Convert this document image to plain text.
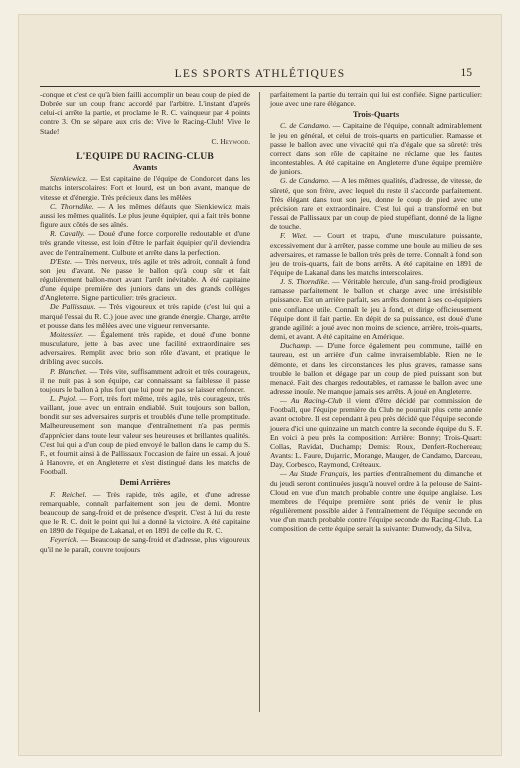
LES SPORTS ATHLÉTIQUES	15

-conque et c'est ce qu'à bien failli accomplir un beau coup de pied de Dobrée sur un coup franc accordé par l'arbitre. L'instant d'après celui-ci arrête la partie, et proclame le R. C. vainqueur par 4 points contre 3. On se sépare aux cris de: Vive le Racing-Club! Vive le Stade!

C. Heywood.
L'EQUIPE DU RACING-CLUB
Avants

Sienkiewicz. — Est capitaine de l'équipe de Condorcet dans les matchs interscolaires: Fort et lourd, est un bon avant, manque de vitesse et d'énergie. Très précieux dans les mêlées

C. Thorndike. — A les mêmes défauts que Sienkiewicz mais aussi les mêmes qualités. Le plus jeune équipier, qui a fait très bonne figure aux côtés de ses aînés.

R. Cavally. — Doué d'une force corporelle redoutable et d'une très grande vitesse, est loin d'être le parfait équipier qu'il deviendra avec de l'entraînement. Culbute et arrête dans la perfection.

D'Este. — Très nerveux, très agile et très adroit, connaît à fond son jeu d'avant. Ne passe le ballon qu'à coup sûr et fait régulièrement ballon-mort avant l'arrêt inévitable. A été capitaine d'une équipe première des juniors dans un des grands collèges d'Angleterre. Signe particulier: très gracieux.

De Pallissaux. — Très vigoureux et très rapide (c'est lui qui a marqué l'essai du R. C.) joue avec une grande énergie. Charge, arrête et pousse dans les mêlées avec une vigueur renversante.

Moitessier. — Également très rapide, et doué d'une bonne musculature, jette à bas avec une facilité extraordinaire ses adversaires. Remplit avec brio son rôle d'avant, et pratique le dribling avec succès.

P. Blanchet. — Très vite, suffisamment adroit et très courageux, il ne nuit pas à son équipe, car connaissant sa faiblesse il passe toujours le ballon à plus fort que lui pour ne pas se laisser enfoncer.

L. Pujol. — Fort, très fort même, très agile, très courageux, très vaillant, joue avec un entrain endiablé. Suit toujours son ballon, bondit sur ses adversaires surpris et troublés d'une telle promptitude. Malheureusement son manque d'entraînement n'a pas permis d'apprécier dans toute leur valeur ses heureuses et brillantes qualités. C'est lui qui a d'un coup de pied envoyé le ballon dans le camp du S. F., et fournit ainsi à de Pallissaux l'occasion de faire un essai. A joué à Hanovre, et en Angleterre et s'est distingué dans les matchs de Football.

Demi Arrières

F. Reichel. — Très rapide, très agile, et d'une adresse remarquable, connaît parfaitement son jeu de demi. Montre beaucoup de sang-froid et de présence d'esprit. C'est à lui du reste que le R. C. doit le point qui lui a donné la victoire. A été capitaine en 1890 de l'équipe de Lakanal, et en 1891 de celle du R. C.

Feyerick. — Beaucoup de sang-froid et d'adresse, plus vigoureux qu'il ne le paraît, couvre toujours

parfaitement la partie du terrain qui lui est confiée. Signe particulier: joue avec une rare élégance.

Trois-Quarts

C. de Candamo. — Capitaine de l'équipe, connaît admirablement le jeu en général, et celui de trois-quarts en particulier. Ramasse et passe le ballon avec une vivacité qui n'a d'égale que sa sûreté: très correct dans son rôle de capitaine ne réclame que les fautes incontestables. A été capitaine en Angleterre d'une équipe première de juniors.

G. de Candamo. — A les mêmes qualités, d'adresse, de vitesse, de sûreté, que son frère, avec lequel du reste il s'accorde parfaitement. Très élégant dans tout son jeu, donne le coup de pied avec une précision rare et extraordinaire. C'est lui qui a transformé en but l'essai de Pallissaux par un coup de pied stupéfiant, donné de la ligne de touche.

F. Wiet. — Court et trapu, d'une musculature puissante, excessivement dur à arrêter, passe comme une boule au milieu de ses adversaires, et ramasse le ballon très près de terre. Connaît à fond son jeu de trois-quarts, fait de bons arrêts. A été capitaine en 1891 de l'équipe de Lakanal dans les matchs interscolaires.

J. S. Thorndike. — Véritable hercule, d'un sang-froid prodigieux ramasse parfaitement le ballon et charge avec une irrésistible puissance. Est un arrière parfait, ses arrêts donnent à ses co-équipiers une confiance utile. Connaît le jeu à fond, et dirige officieusement l'équipe dont il fait partie. En dépit de sa puissance, est doué d'une grande agilité: a joué avec non moins de science, arrière, trois-quarts, demi, et avant. A été capitaine en Amérique.

Duchamp. — D'une force également peu commune, taillé en taureau, est un arrière d'un calme invraisemblable. Rien ne le démonte, et dans les circonstances les plus graves, ramasse sans trouble le ballon et dégage par un coup de pied puissant son but menacé. Fait des charges redoutables, et ramasse le ballon avec une adresse inouïe. Ne manque jamais ses arrêts. A joué en Angleterre.

— Au Racing-Club il vient d'être décidé par commission de Football, que l'équipe première du Club ne pourrait plus cette année avant octobre. Il est cependant à peu près décidé que l'équipe seconde jouera d'ici une quinzaine un match contre la seconde équipe du S. F. En voici à peu près la composition: Arrière: Bonny; Trois-Quart: Collas, Ravidat, Duchamp; Demis: Roux, Denfert-Rochereau; Avants: L. Faure, Dujarric, Morange, Mauger, de Candamo, Darceau, Day, Corbesco, Raymond, Créteaux.

— Au Stade Français, les parties d'entraînement du dimanche et du jeudi seront continuées jusqu'à nouvel ordre à la pelouse de Saint-Cloud en vue d'un match probable contre une équipe anglaise. Les membres de l'équipe première sont priés de venir le plus régulièrement possible aider à l'entraînement de l'équipe seconde en vue d'un match probable contre l'équipe seconde du Racing-Club. La composition de cette équipe serait la suivante: Dunwody, da Silva,
